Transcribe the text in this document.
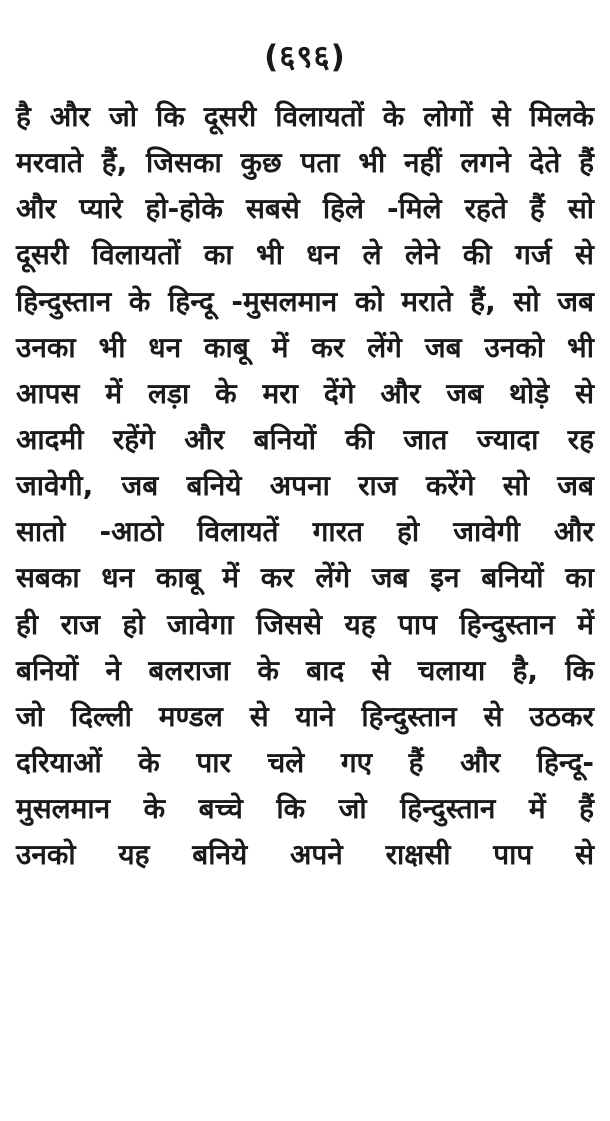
(६९६)
है और जो कि दूसरी विलायतों के लोगों से मिलके
मरवाते हैं, जिसका कुछ पता भी नहीं लगने देते हैं
और प्यारे हो-होके सबसे हिले -मिले रहते हैं सो
दूसरी विलायतों का भी धन ले लेने की गर्ज से
हिन्दुस्तान के हिन्दू -मुसलमान को मराते हैं, सो जब
उनका भी धन काबू में कर लेंगे जब उनको भी
आपस में लड़ा के मरा देंगे और जब थोड़े से
आदमी रहेंगे और बनियों की जात ज्यादा रह
जावेगी, जब बनिये अपना राज करेंगे सो जब
सातो -आठो विलायतें गारत हो जावेगी और
सबका धन काबू में कर लेंगे जब इन बनियों का
ही राज हो जावेगा जिससे यह पाप हिन्दुस्तान में
बनियों ने बलराजा के बाद से चलाया है, कि
जो दिल्ली मण्डल से याने हिन्दुस्तान से उठकर
दरियाओं के पार चले गए हैं और हिन्दू-
मुसलमान के बच्चे कि जो हिन्दुस्तान में हैं
उनको यह बनिये अपने राक्षसी पाप से
